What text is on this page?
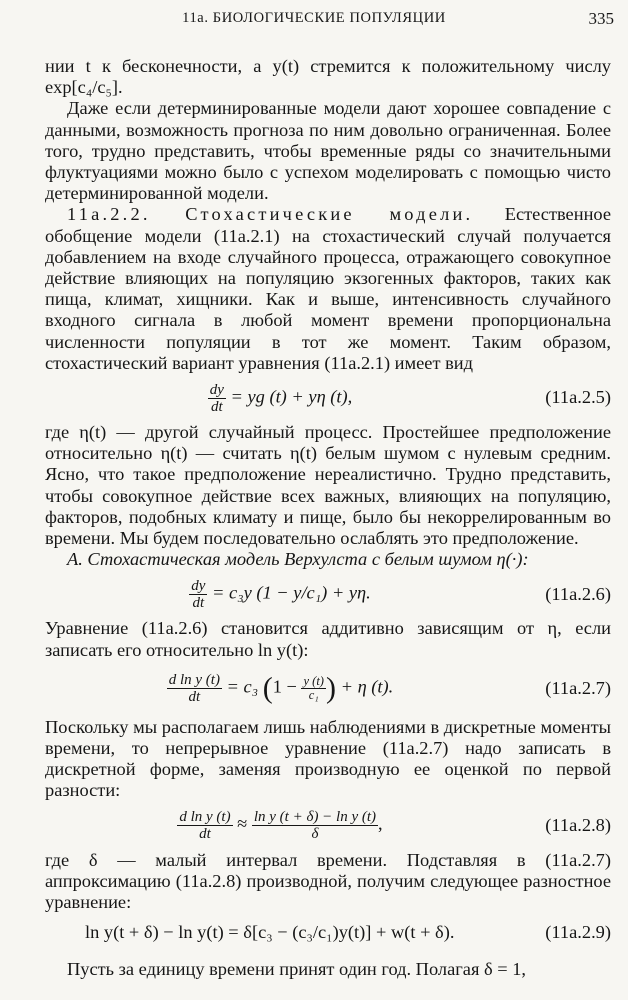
11a. БИОЛОГИЧЕСКИЕ ПОПУЛЯЦИИ	335

нии t к бесконечности, а y(t) стремится к положительному числу exp[c₄/c₅].

Даже если детерминированные модели дают хорошее совпадение с данными, возможность прогноза по ним довольно ограниченная. Более того, трудно представить, чтобы временные ряды со значительными флуктуациями можно было с успехом моделировать с помощью чисто детерминированной модели.

11a.2.2. Стохастические модели. Естественное обобщение модели (11a.2.1) на стохастический случай получается добавлением на входе случайного процесса, отражающего совокупное действие влияющих на популяцию экзогенных факторов, таких как пища, климат, хищники. Как и выше, интенсивность случайного входного сигнала в любой момент времени пропорциональна численности популяции в тот же момент. Таким образом, стохастический вариант уравнения (11a.2.1) имеет вид

$\frac{dy}{dt}$ = yg (t) + yη (t),	(11a.2.5)

где η(t) — другой случайный процесс. Простейшее предположение относительно η(t) — считать η(t) белым шумом с нулевым средним. Ясно, что такое предположение нереалистично. Трудно представить, чтобы совокупное действие всех важных, влияющих на популяцию, факторов, подобных климату и пище, было бы некоррелированным во времени. Мы будем последовательно ослаблять это предположение.

A. Стохастическая модель Верхулста с белым шумом η(·):

$\frac{dy}{dt} = c_3y$ (1 − y/c₁) + yη.	(11a.2.6)

Уравнение (11a.2.6) становится аддитивно зависящим от η, если записать его относительно ln y(t):

$\frac{\text{d ln y (t)}}{dt} = c_3$ ($1 - \frac{y (t)}{\text{c₁}}$ ) + η (t).	(11a.2.7)

Поскольку мы располагаем лишь наблюдениями в дискретные моменты времени, то непрерывное уравнение (11a.2.7) надо записать в дискретной форме, заменяя производную ее оценкой по первой разности:

$\frac{\text{d ln y (t)}}{dt} \approx \frac{\text{ln y (t + δ) − ln y (t)}}{\delta}$ ,	(11a.2.8)

где δ — малый интервал времени. Подставляя в (11a.2.7) аппроксимацию (11a.2.8) производной, получим следующее разностное уравнение:

ln y(t + δ) − ln y(t) = δ[c₃ − (c₃/c₁)y(t)] + w(t + δ).	(11a.2.9)

Пусть за единицу времени принят один год. Полагая δ = 1,
